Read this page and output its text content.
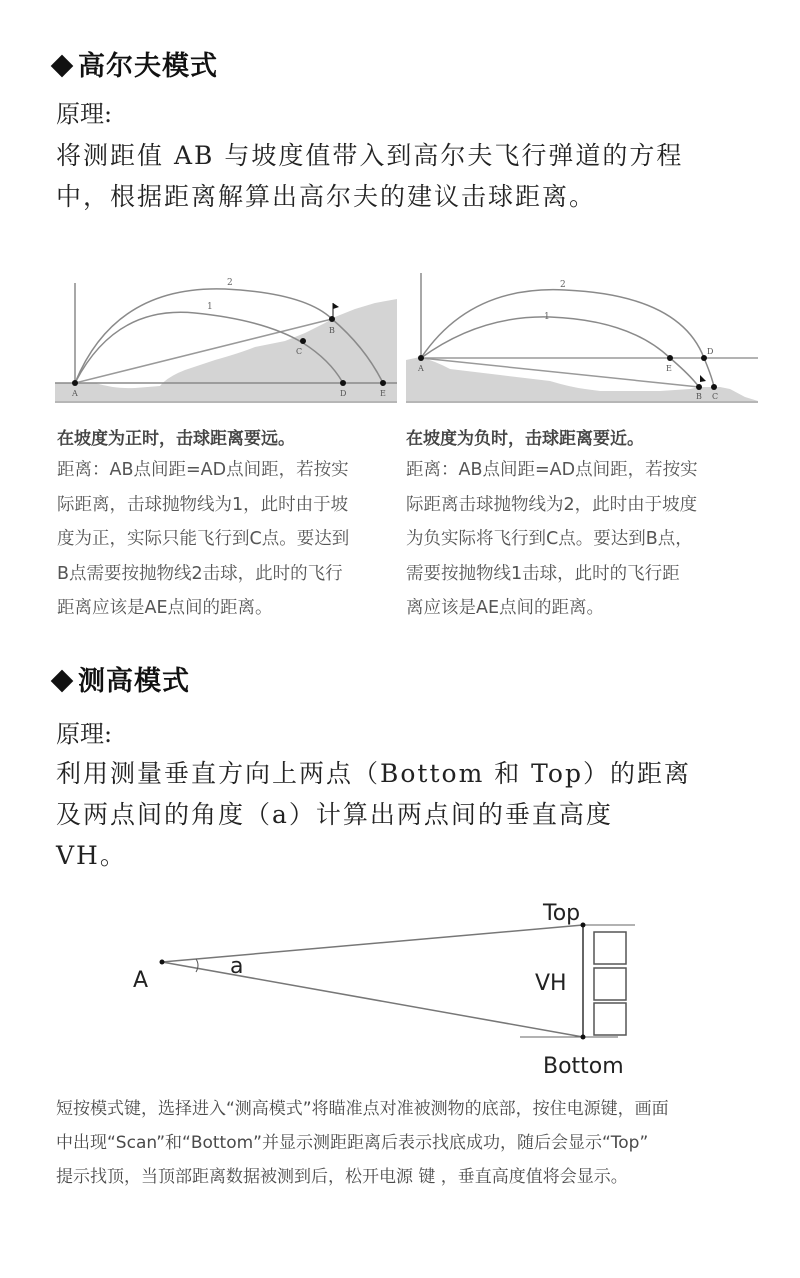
高尔夫模式
原理:
将测距值 AB 与坡度值带入到高尔夫飞行弹道的方程
中，根据距离解算出高尔夫的建议击球距离。
2
1
A
B
C
D	E
2
1
A	E
D
B C
在坡度为正时，击球距离要远。
距离：AB点间距=AD点间距，若按实
际距离，击球抛物线为1，此时由于坡
度为正，实际只能飞行到C点。要达到
B点需要按抛物线2击球，此时的飞行
距离应该是AE点间的距离。
在坡度为负时，击球距离要近。
距离：AB点间距=AD点间距，若按实
际距离击球抛物线为2，此时由于坡度
为负实际将飞行到C点。要达到B点，
需要按抛物线1击球，此时的飞行距
离应该是AE点间的距离。
测高模式
原理:
利用测量垂直方向上两点（Bottom 和 Top）的距离
及两点间的角度（a）计算出两点间的垂直高度
VH。
A
a
Top
VH
Bottom
短按模式键，选择进入“测高模式”将瞄准点对准被测物的底部，按住电源键，画面
中出现“Scan”和“Bottom”并显示测距距离后表示找底成功，随后会显示“Top”
提示找顶，当顶部距离数据被测到后，松开电源 键 ，垂直高度值将会显示。
